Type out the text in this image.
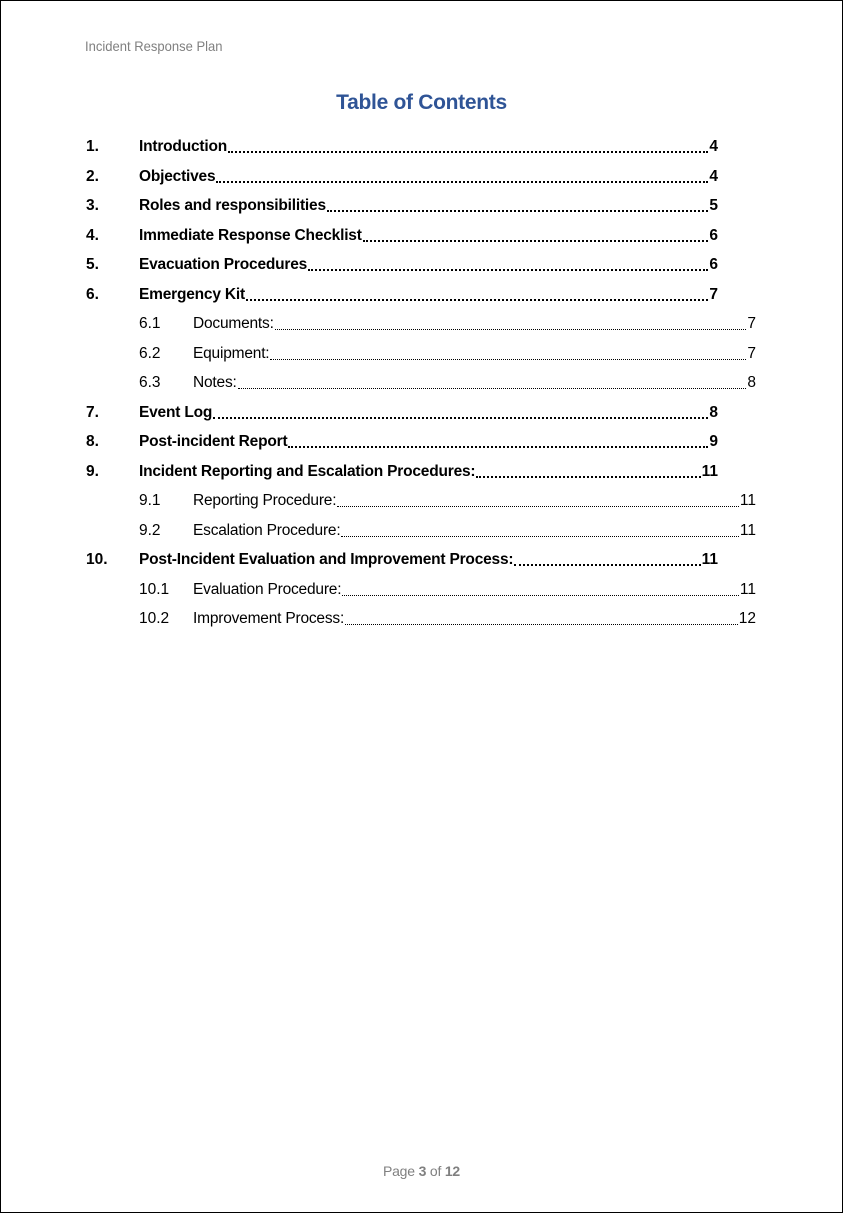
Incident Response Plan
Table of Contents
1.	Introduction	4
2.	Objectives	4
3.	Roles and responsibilities	5
4.	Immediate Response Checklist	6
5.	Evacuation Procedures	6
6.	Emergency Kit	7
6.1	Documents:	7
6.2	Equipment:	7
6.3	Notes:	8
7.	Event Log	8
8.	Post-incident Report	9
9.	Incident Reporting and Escalation Procedures:	11
9.1	Reporting Procedure:	11
9.2	Escalation Procedure:	11
10.	Post-Incident Evaluation and Improvement Process:	11
10.1	Evaluation Procedure:	11
10.2	Improvement Process:	12
Page 3 of 12
